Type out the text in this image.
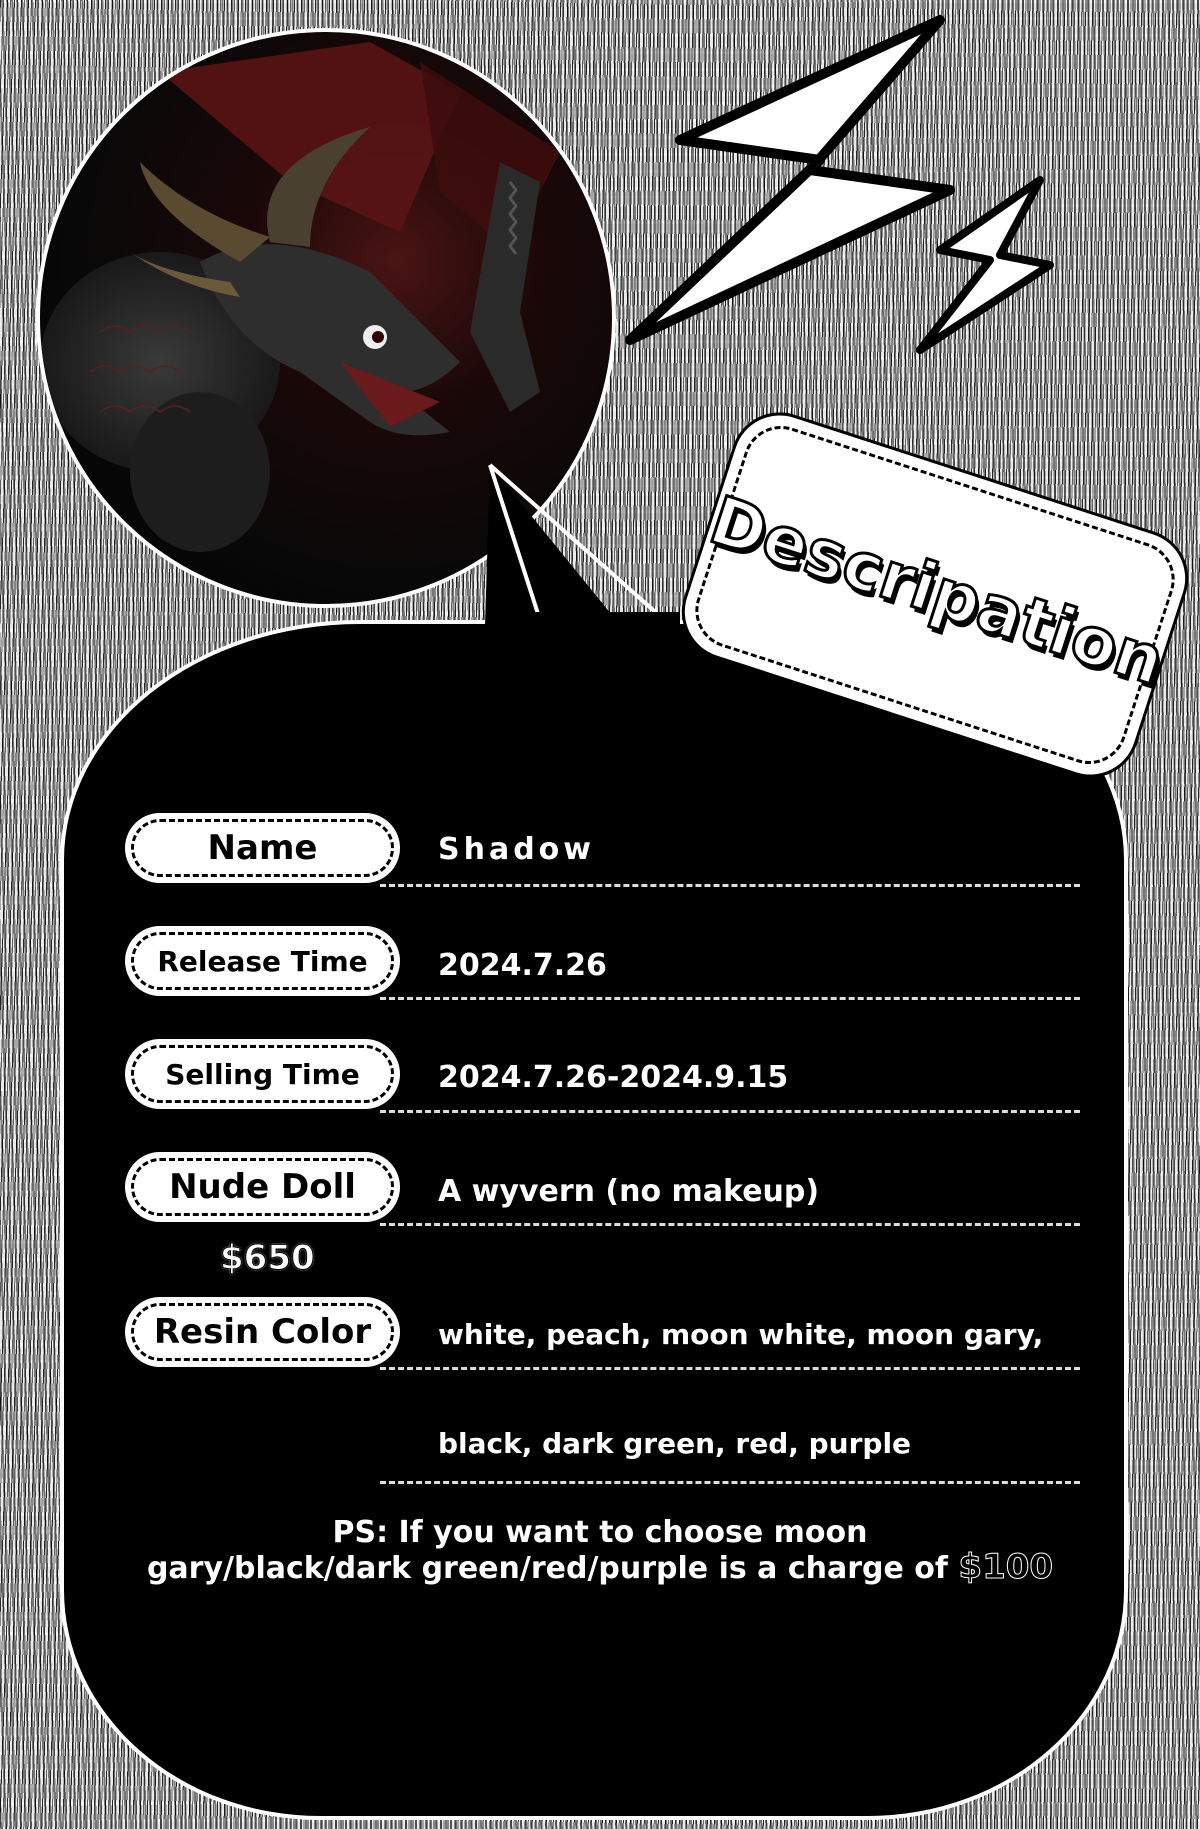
Descripation
Name	Shadow
Release Time	2024.7.26
Selling Time	2024.7.26-2024.9.15
Nude Doll	A wyvern (no makeup)
$650
Resin Color	white, peach, moon white, moon gary,
black, dark green, red, purple
PS: If you want to choose moon
gary/black/dark green/red/purple is a charge of $100
